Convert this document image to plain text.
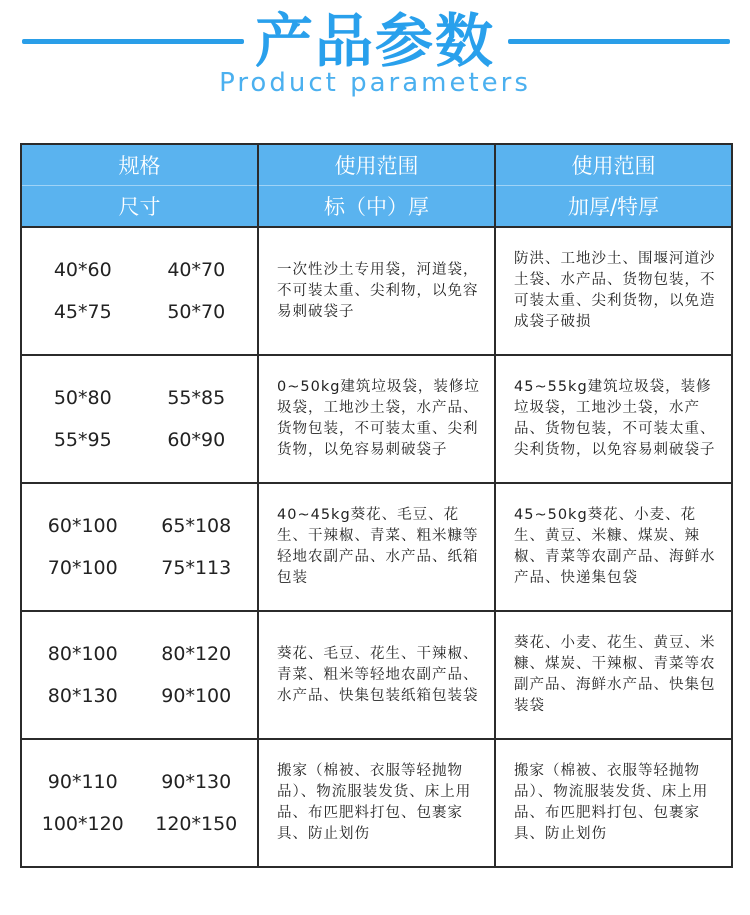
产品参数
Product parameters
规格	使用范围	使用范围
尺寸	标（中）厚	加厚/特厚

40*60 40*70
45*75 50*70	一次性沙土专用袋，河道袋，不可装太重、尖利物，以免容易刺破袋子	防洪、工地沙土、围堰河道沙土袋、水产品、货物包装，不可装太重、尖利货物，以免造成袋子破损

50*80 55*85
55*95 60*90	0~50kg建筑垃圾袋，装修垃圾袋，工地沙土袋，水产品、货物包装，不可装太重、尖利货物，以免容易刺破袋子	45~55kg建筑垃圾袋，装修垃圾袋，工地沙土袋，水产品、货物包装，不可装太重、尖利货物，以免容易刺破袋子

60*100 65*108
70*100 75*113	40~45kg葵花、毛豆、花生、干辣椒、青菜、粗米糠等轻地农副产品、水产品、纸箱包装	45~50kg葵花、小麦、花生、黄豆、米糠、煤炭、辣椒、青菜等农副产品、海鲜水产品、快递集包袋

80*100 80*120
80*130 90*100	葵花、毛豆、花生、干辣椒、青菜、粗米等轻地农副产品、水产品、快集包装纸箱包装袋	葵花、小麦、花生、黄豆、米糠、煤炭、干辣椒、青菜等农副产品、海鲜水产品、快集包装袋

90*110 90*130
100*120 120*150	搬家（棉被、衣服等轻抛物品）、物流服装发货、床上用品、布匹肥料打包、包裹家具、防止划伤	搬家（棉被、衣服等轻抛物品）、物流服装发货、床上用品、布匹肥料打包、包裹家具、防止划伤
